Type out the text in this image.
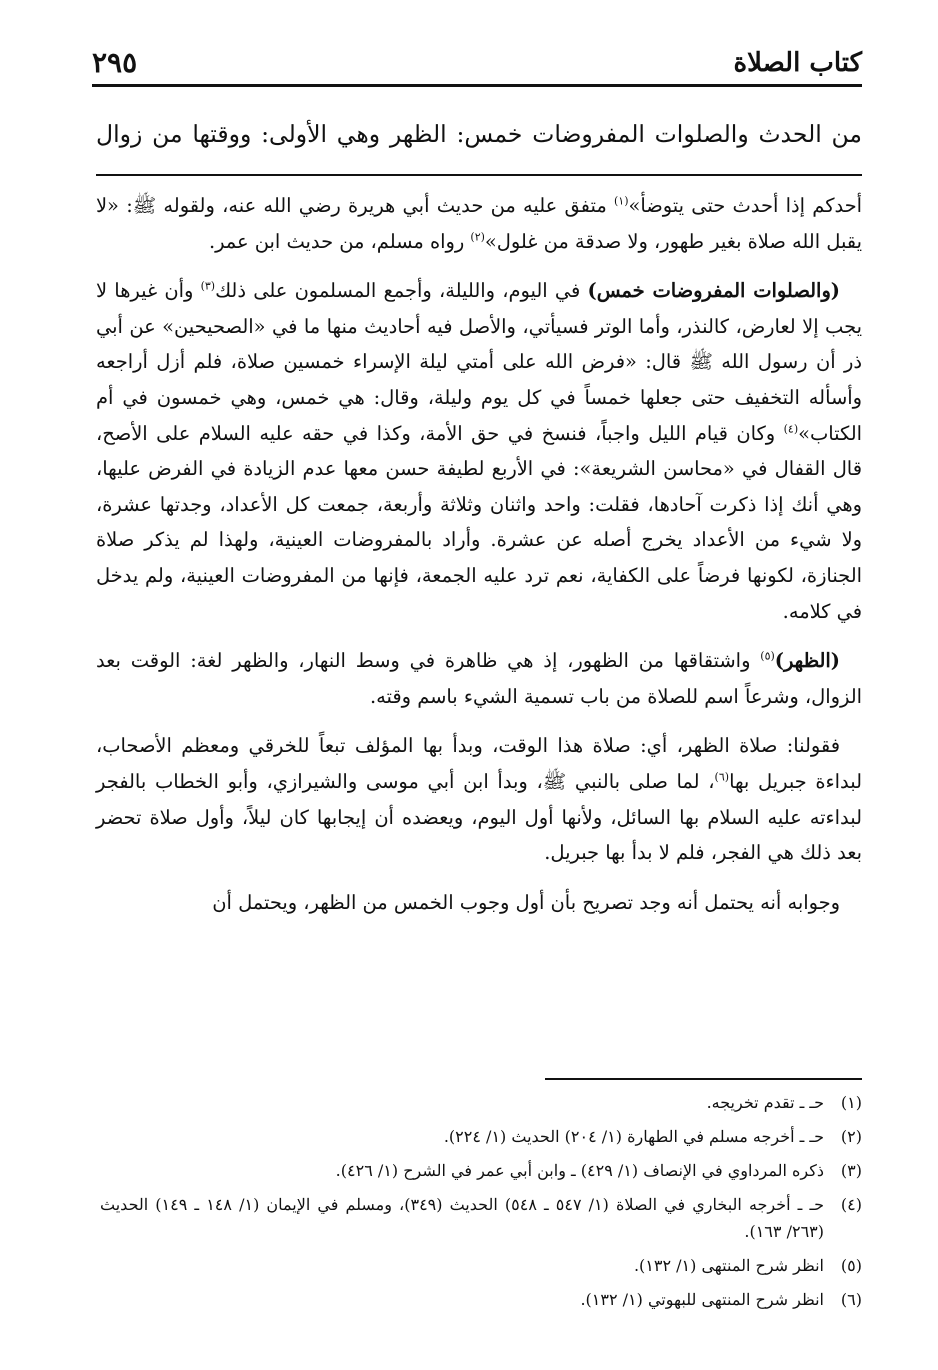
كتاب الصلاة
٢٩٥
من الحدث والصلوات المفروضات خمس: الظهر وهي الأولى: ووقتها من زوال

أحدكم إذا أحدث حتى يتوضأ»$^{(١)}$ متفق عليه من حديث أبي هريرة رضي الله عنه، ولقوله ﷺ: «لا يقبل الله صلاة بغير طهور، ولا صدقة من غلول»$^{(٢)}$ رواه مسلم، من حديث ابن عمر.

(والصلوات المفروضات خمس) في اليوم، والليلة، وأجمع المسلمون على ذلك$^{(٣)}$ وأن غيرها لا يجب إلا لعارض، كالنذر، وأما الوتر فسيأتي، والأصل فيه أحاديث منها ما في «الصحيحين» عن أبي ذر أن رسول الله ﷺ قال: «فرض الله على أمتي ليلة الإسراء خمسين صلاة، فلم أزل أراجعه وأسأله التخفيف حتى جعلها خمساً في كل يوم وليلة، وقال: هي خمس، وهي خمسون في أم الكتاب»$^{(٤)}$ وكان قيام الليل واجباً، فنسخ في حق الأمة، وكذا في حقه عليه السلام على الأصح، قال القفال في «محاسن الشريعة»: في الأربع لطيفة حسن معها عدم الزيادة في الفرض عليها، وهي أنك إذا ذكرت آحادها، فقلت: واحد واثنان وثلاثة وأربعة، جمعت كل الأعداد، وجدتها عشرة، ولا شيء من الأعداد يخرج أصله عن عشرة. وأراد بالمفروضات العينية، ولهذا لم يذكر صلاة الجنازة، لكونها فرضاً على الكفاية، نعم ترد عليه الجمعة، فإنها من المفروضات العينية، ولم يدخل في كلامه.

(الظهر)$^{(٥)}$ واشتقاقها من الظهور، إذ هي ظاهرة في وسط النهار، والظهر لغة: الوقت بعد الزوال، وشرعاً اسم للصلاة من باب تسمية الشيء باسم وقته.

فقولنا: صلاة الظهر، أي: صلاة هذا الوقت، وبدأ بها المؤلف تبعاً للخرقي ومعظم الأصحاب، لبداءة جبريل بها$^{(٦)}$، لما صلى بالنبي ﷺ، وبدأ ابن أبي موسى والشيرازي، وأبو الخطاب بالفجر لبداءته عليه السلام بها السائل، ولأنها أول اليوم، ويعضده أن إيجابها كان ليلاً، وأول صلاة تحضر بعد ذلك هي الفجر، فلم لا بدأ بها جبريل.

وجوابه أنه يحتمل أنه وجد تصريح بأن أول وجوب الخمس من الظهر، ويحتمل أن

(١)
حـ ـ تقدم تخريجه.
(٢)
حـ ـ أخرجه مسلم في الطهارة (١/ ٢٠٤) الحديث (١/ ٢٢٤).
(٣)
ذكره المرداوي في الإنصاف (١/ ٤٢٩) ـ وابن أبي عمر في الشرح (١/ ٤٢٦).
(٤)
حـ ـ أخرجه البخاري في الصلاة (١/ ٥٤٧ ـ ٥٤٨) الحديث (٣٤٩)، ومسلم في الإيمان (١/ ١٤٨ ـ ١٤٩) الحديث (٢٦٣/ ١٦٣).
(٥)
انظر شرح المنتهى (١/ ١٣٢).
(٦)
انظر شرح المنتهى للبهوتي (١/ ١٣٢).
